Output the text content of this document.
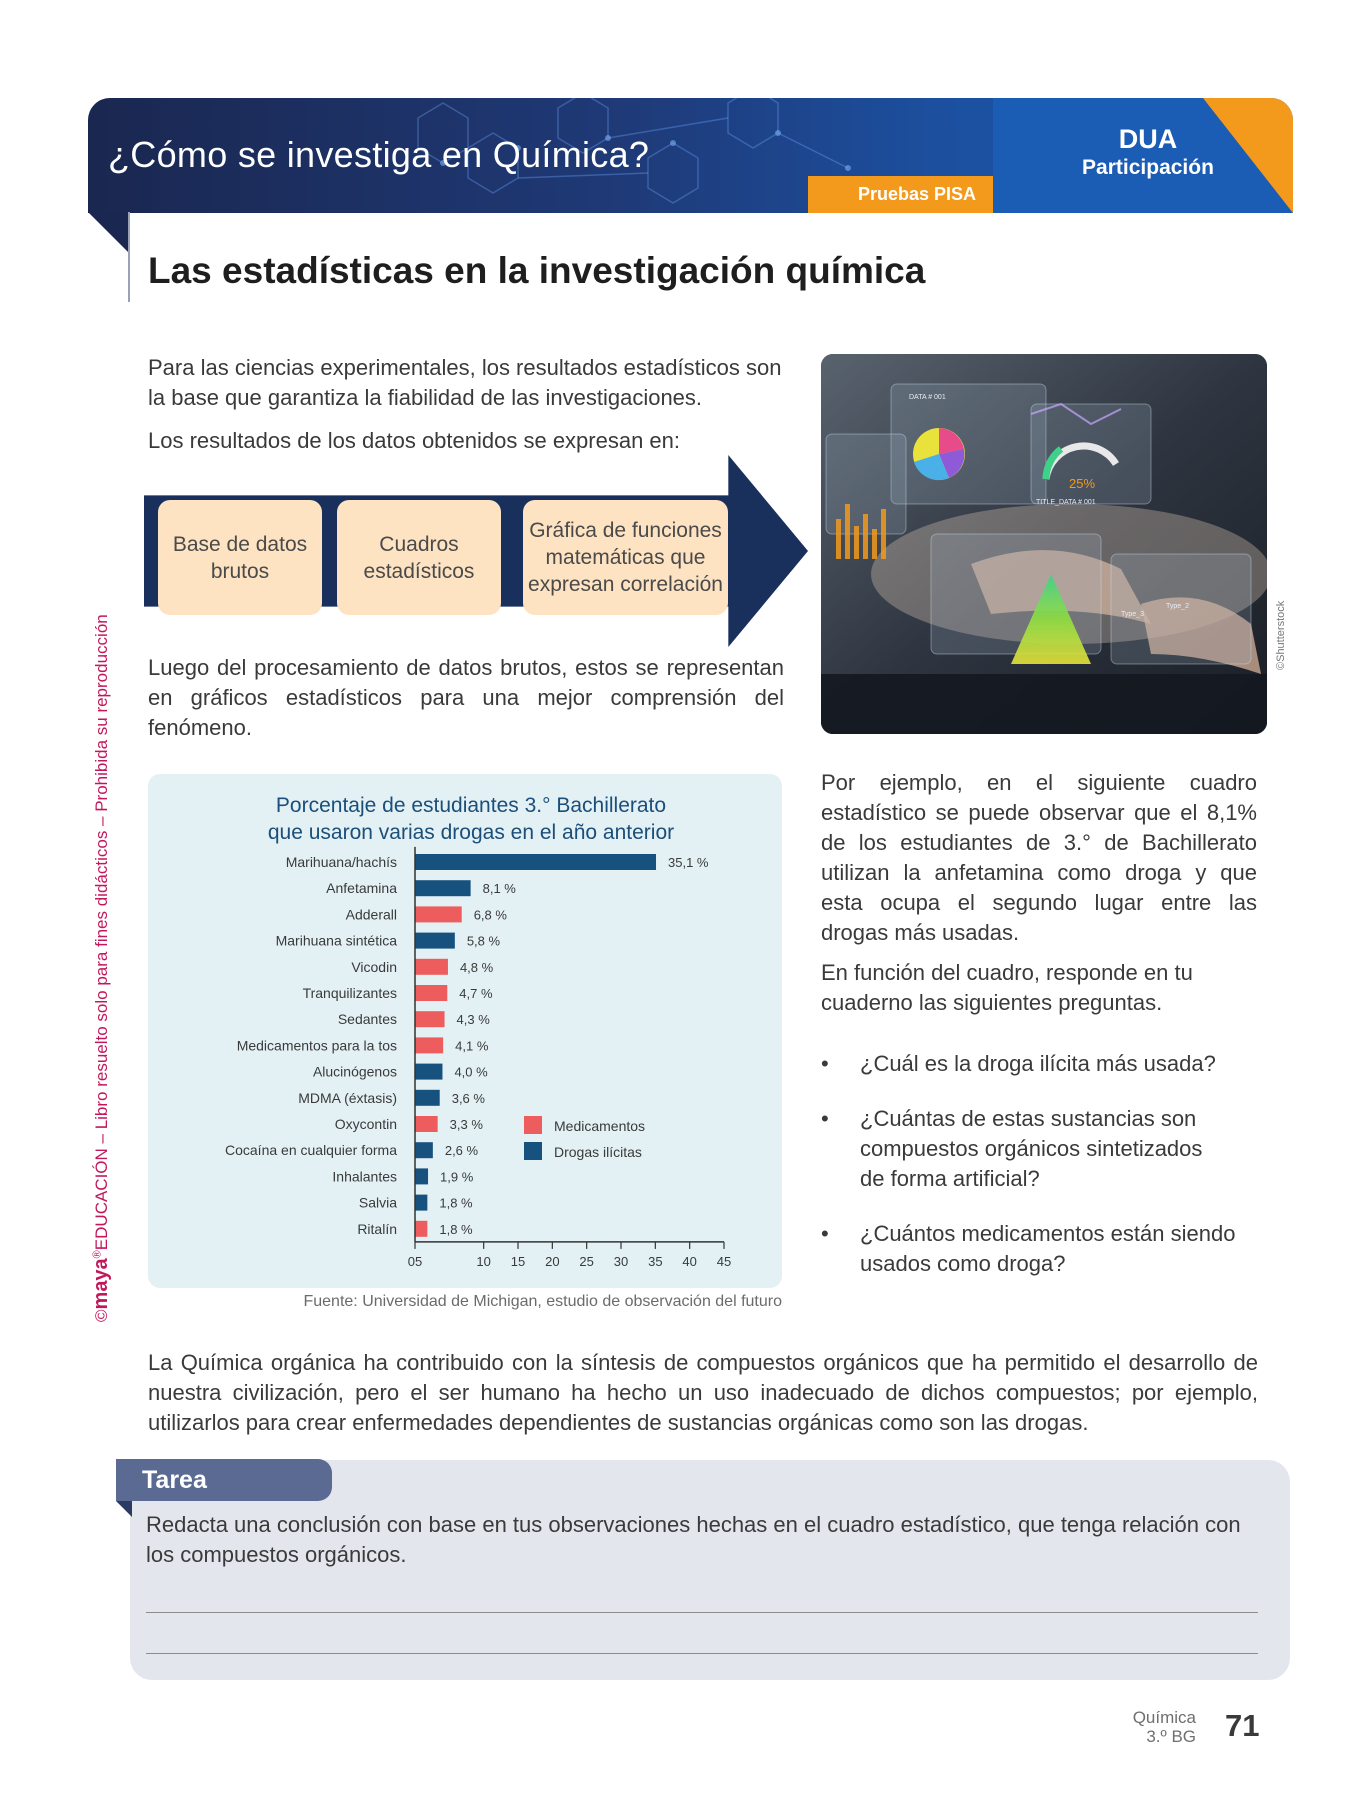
¿Cómo se investiga en Química?
Pruebas PISA
DUA
Participación
Las estadísticas en la investigación química
Para las ciencias experimentales, los resultados estadísticos son la base que garantiza la fiabilidad de las investigaciones.
Los resultados de los datos obtenidos se expresan en:
Base de datos brutos
Cuadros estadísticos
Gráfica de funciones matemáticas que expresan correlación
Luego del procesamiento de datos brutos, estos se representan en gráficos estadísticos para una mejor comprensión del fenómeno.
25%
DATA # 001
TITLE_DATA # 001
Type_2
Type_3	©Shutterstock
Porcentaje de estudiantes 3.° Bachillerato
que usaron varias drogas en el año anterior
Marihuana/hachís	35,1 %
Anfetamina	8,1 %
Adderall	6,8 %
Marihuana sintética	5,8 %
Vicodin	4,8 %
Tranquilizantes	4,7 %
Sedantes	4,3 %
Medicamentos para la tos	4,1 %
Alucinógenos	4,0 %
MDMA (éxtasis)	3,6 %
Oxycontin	3,3 %
Cocaína en cualquier forma	2,6 %
Inhalantes	1,9 %
Salvia	1,8 %
Ritalín	1,8 %
05	10 15 20 25 30 35 40 45
Medicamentos
Drogas ilícitas
Fuente: Universidad de Michigan, estudio de observación del futuro
Por ejemplo, en el siguiente cuadro estadístico se puede observar que el 8,1% de los estudiantes de 3.° de Bachillerato utilizan la anfetamina como droga y que esta ocupa el segundo lugar entre las drogas más usadas.
En función del cuadro, responde en tu cuaderno las siguientes preguntas.
• ¿Cuál es la droga ilícita más usada?
• ¿Cuántas de estas sustancias son compuestos orgánicos sintetizados de forma artificial?
• ¿Cuántos medicamentos están siendo usados como droga?
La Química orgánica ha contribuido con la síntesis de compuestos orgánicos que ha permitido el desarrollo de nuestra civilización, pero el ser humano ha hecho un uso inadecuado de dichos compuestos; por ejemplo, utilizarlos para crear enfermedades dependientes de sustancias orgánicas como son las drogas.
Tarea
Redacta una conclusión con base en tus observaciones hechas en el cuadro estadístico, que tenga relación con los compuestos orgánicos.
©maya®EDUCACIÓN – Libro resuelto solo para fines didácticos – Prohibida su reproducción
Química
3.º BG 71
